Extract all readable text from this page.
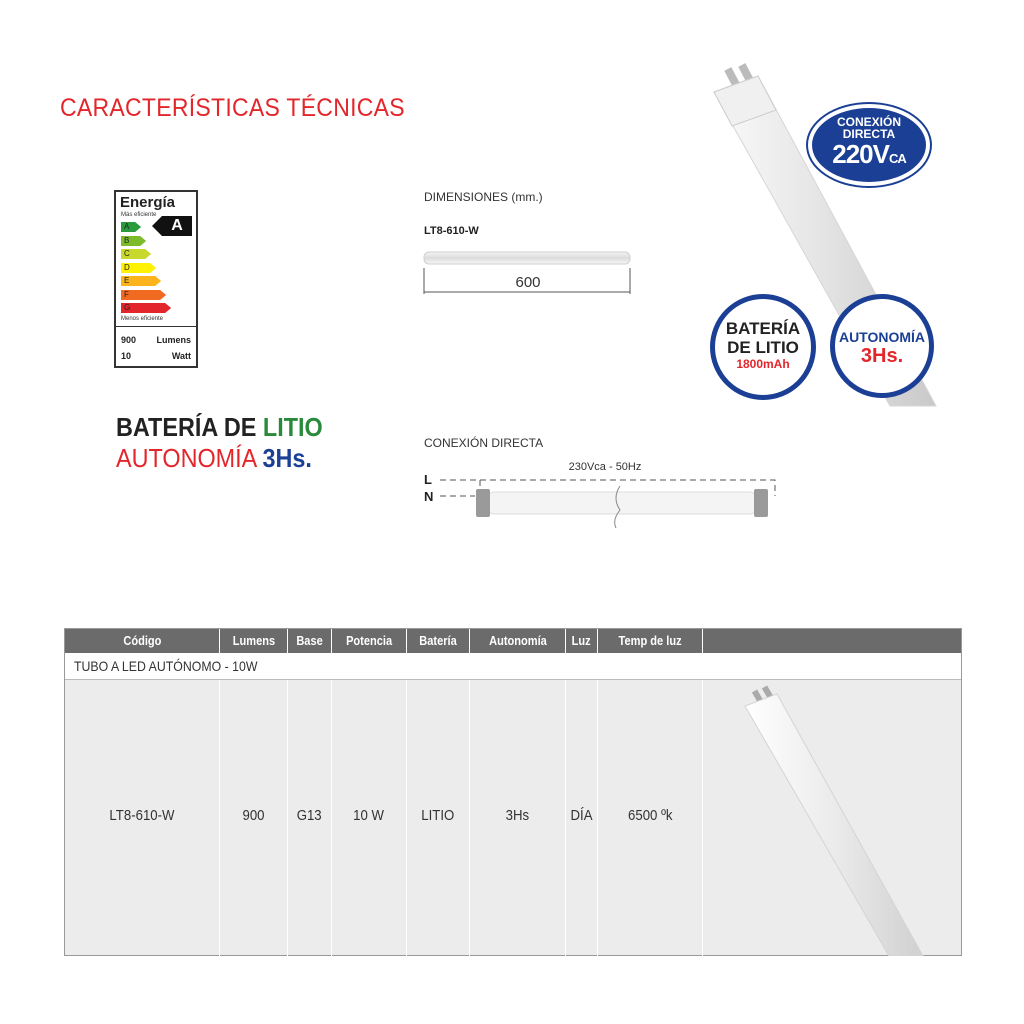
CARACTERÍSTICAS TÉCNICAS
Energía
Más eficiente
A
A
B
C
D
E
F
G
Menos eficiente
900 Lumens
10	Watt
BATERÍA DE LITIO
AUTONOMÍA 3Hs.
DIMENSIONES (mm.)
LT8-610-W
600
CONEXIÓN DIRECTA
230Vca - 50Hz
L
N
CONEXIÓN
DIRECTA
220VCA
BATERÍA
DE LITIO
1800mAh
AUTONOMÍA
3Hs.
Código	Lumens	Base	Potencia	Batería	Autonomía	Luz	Temp de luz
TUBO A LED AUTÓNOMO - 10W
LT8-610-W	900	G13	10 W	LITIO	3Hs	DÍA	6500 ºk
